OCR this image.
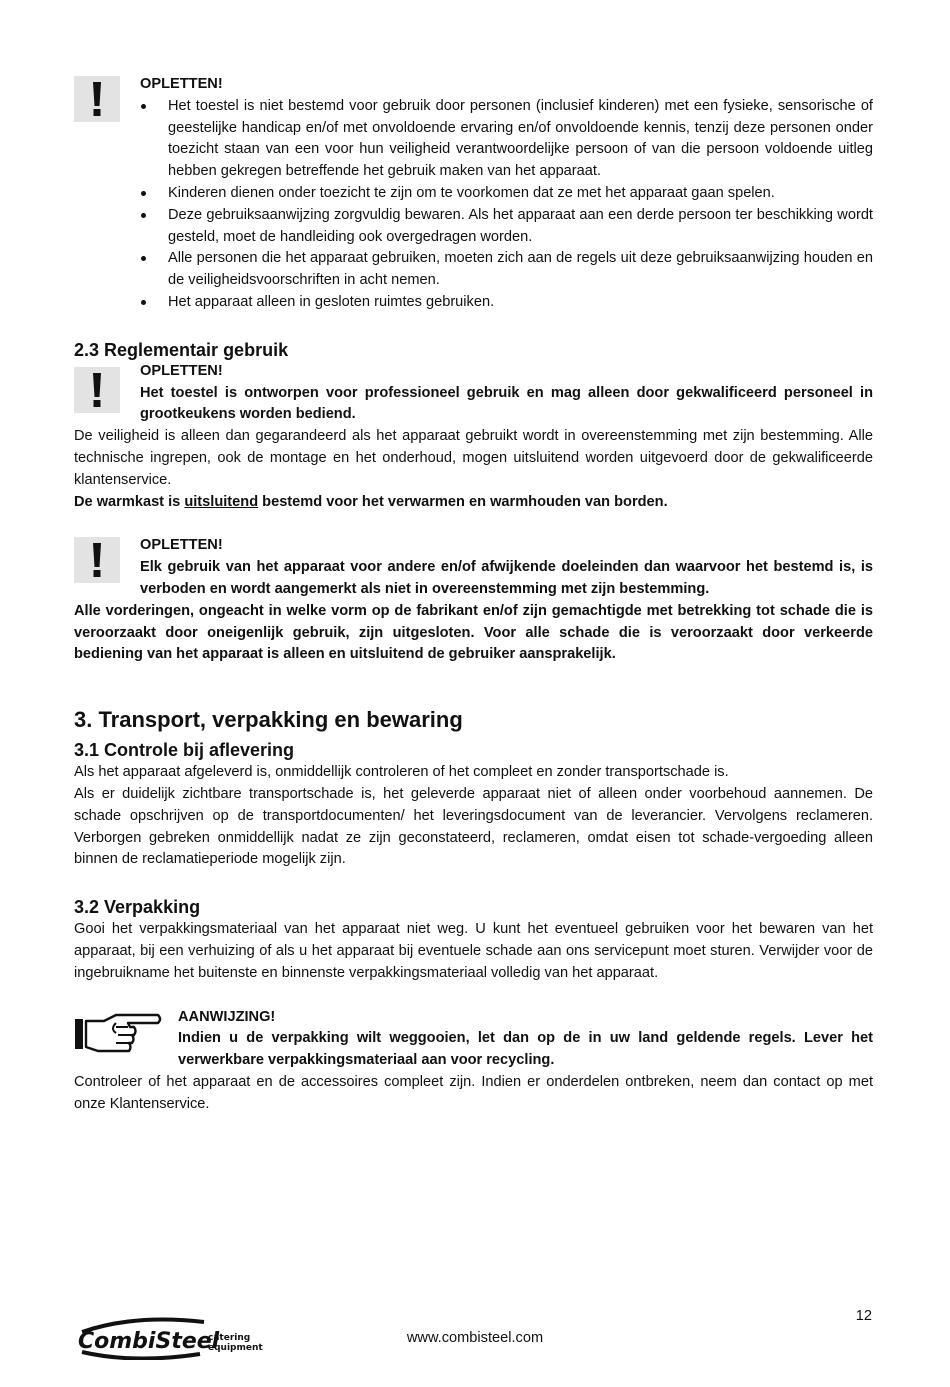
OPLETTEN!

Het toestel is niet bestemd voor gebruik door personen (inclusief kinderen) met een fysieke, sensorische of geestelijke handicap en/of met onvoldoende ervaring en/of onvoldoende kennis, tenzij deze personen onder toezicht staan van een voor hun veiligheid verantwoordelijke persoon of van die persoon voldoende uitleg hebben gekregen betreffende het gebruik maken van het apparaat.
Kinderen dienen onder toezicht te zijn om te voorkomen dat ze met het apparaat gaan spelen.
Deze gebruiksaanwijzing zorgvuldig bewaren. Als het apparaat aan een derde persoon ter beschikking wordt gesteld, moet de handleiding ook overgedragen worden.
Alle personen die het apparaat gebruiken, moeten zich aan de regels uit deze gebruiksaanwijzing houden en de veiligheidsvoorschriften in acht nemen.
Het apparaat alleen in gesloten ruimtes gebruiken.
2.3 Reglementair gebruik

OPLETTEN!

Het toestel is ontworpen voor professioneel gebruik en mag alleen door gekwalificeerd personeel in grootkeukens worden bediend.

De veiligheid is alleen dan gegarandeerd als het apparaat gebruikt wordt in overeenstemming met zijn bestemming. Alle technische ingrepen, ook de montage en het onderhoud, mogen uitsluitend worden uitgevoerd door de gekwalificeerde klantenservice.

De warmkast is uitsluitend bestemd voor het verwarmen en warmhouden van borden.

OPLETTEN!

Elk gebruik van het apparaat voor andere en/of afwijkende doeleinden dan waarvoor het bestemd is, is verboden en wordt aangemerkt als niet in overeenstemming met zijn bestemming.

Alle vorderingen, ongeacht in welke vorm op de fabrikant en/of zijn gemachtigde met betrekking tot schade die is veroorzaakt door oneigenlijk gebruik, zijn uitgesloten. Voor alle schade die is veroorzaakt door verkeerde bediening van het apparaat is alleen en uitsluitend de gebruiker aansprakelijk.

3. Transport, verpakking en bewaring
3.1 Controle bij aflevering

Als het apparaat afgeleverd is, onmiddellijk controleren of het compleet en zonder transportschade is.

Als er duidelijk zichtbare transportschade is, het geleverde apparaat niet of alleen onder voorbehoud aannemen. De schade opschrijven op de transportdocumenten/ het leveringsdocument van de leverancier. Vervolgens reclameren. Verborgen gebreken onmiddellijk nadat ze zijn geconstateerd, reclameren, omdat eisen tot schade-vergoeding alleen binnen de reclamatieperiode mogelijk zijn.

3.2 Verpakking

Gooi het verpakkingsmateriaal van het apparaat niet weg. U kunt het eventueel gebruiken voor het bewaren van het apparaat, bij een verhuizing of als u het apparaat bij eventuele schade aan ons servicepunt moet sturen. Verwijder voor de ingebruikname het buitenste en binnenste verpakkingsmateriaal volledig van het apparaat.

AANWIJZING!

Indien u de verpakking wilt weggooien, let dan op de in uw land geldende regels. Lever het verwerkbare verpakkingsmateriaal aan voor recycling.

Controleer of het apparaat en de accessoires compleet zijn. Indien er onderdelen ontbreken, neem dan contact op met onze Klantenservice.

CombiSteel
catering
equipment
12
www.combisteel.com
